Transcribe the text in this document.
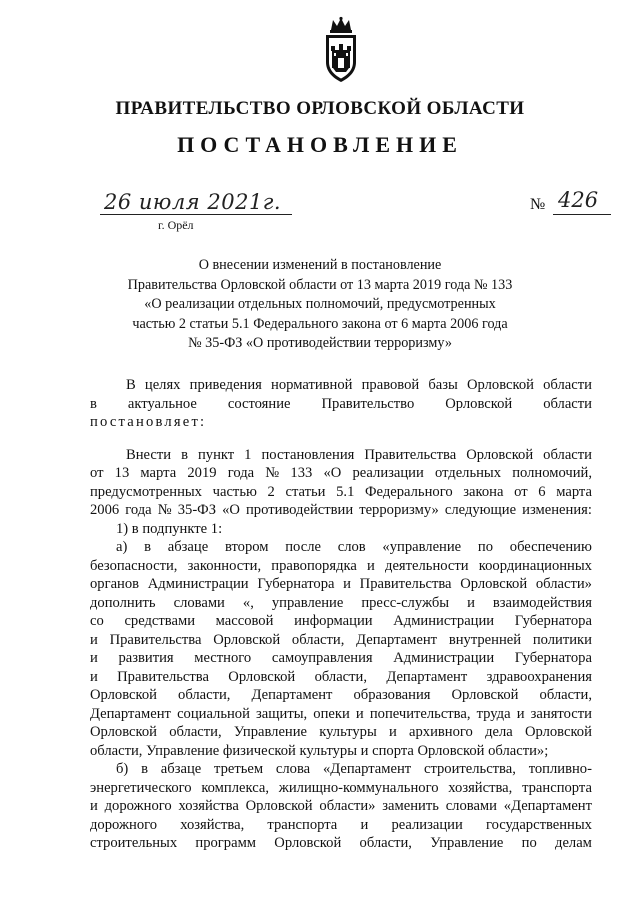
ПРАВИТЕЛЬСТВО ОРЛОВСКОЙ ОБЛАСТИ
ПОСТАНОВЛЕНИЕ
26 июля 2021г.
г. Орёл
№ 426
О внесении изменений в постановление
Правительства Орловской области от 13 марта 2019 года № 133
«О реализации отдельных полномочий, предусмотренных
частью 2 статьи 5.1 Федерального закона от 6 марта 2006 года
№ 35-ФЗ «О противодействии терроризму»
В целях приведения нормативной правовой базы Орловской области
в актуальное состояние Правительство Орловской области
постановляет:
Внести в пункт 1 постановления Правительства Орловской области
от 13 марта 2019 года № 133 «О реализации отдельных полномочий,
предусмотренных частью 2 статьи 5.1 Федерального закона от 6 марта
2006 года № 35-ФЗ «О противодействии терроризму» следующие изменения:
1) в подпункте 1:
а) в абзаце втором после слов «управление по обеспечению
безопасности, законности, правопорядка и деятельности координационных
органов Администрации Губернатора и Правительства Орловской области»
дополнить словами «, управление пресс-службы и взаимодействия
со средствами массовой информации Администрации Губернатора
и Правительства Орловской области, Департамент внутренней политики
и развития местного самоуправления Администрации Губернатора
и Правительства Орловской области, Департамент здравоохранения
Орловской области, Департамент образования Орловской области,
Департамент социальной защиты, опеки и попечительства, труда и занятости
Орловской области, Управление культуры и архивного дела Орловской
области, Управление физической культуры и спорта Орловской области»;
б) в абзаце третьем слова «Департамент строительства, топливно-
энергетического комплекса, жилищно-коммунального хозяйства, транспорта
и дорожного хозяйства Орловской области» заменить словами «Департамент
дорожного хозяйства, транспорта и реализации государственных
строительных программ Орловской области, Управление по делам
